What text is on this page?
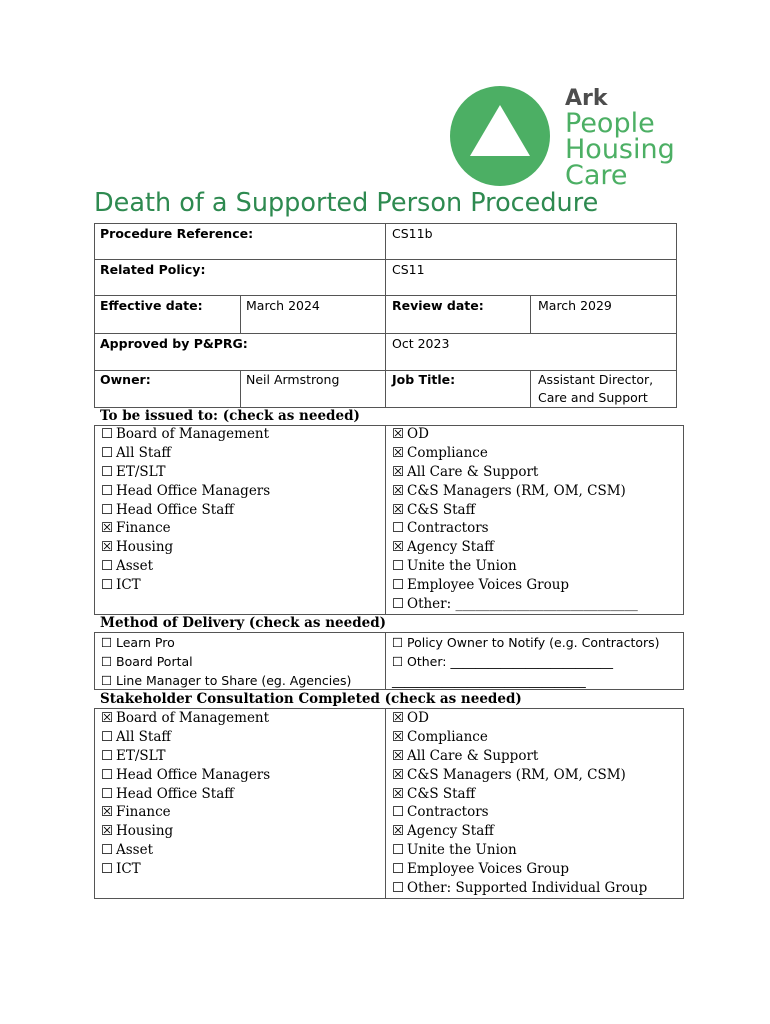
Ark
People
Housing
Care
Death of a Supported Person Procedure
Procedure Reference:	CS11b
Related Policy:	CS11
Effective date:	March 2024	Review date:	March 2029
Approved by P&PRG:	Oct 2023
Owner:	Neil Armstrong	Job Title:	Assistant Director,
Care and Support
To be issued to: (check as needed)
☐ Board of Management
☐ All Staff
☐ ET/SLT
☐ Head Office Managers
☐ Head Office Staff
☒ Finance
☒ Housing
☐ Asset
☐ ICT
☒ OD
☒ Compliance
☒ All Care & Support
☒ C&S Managers (RM, OM, CSM)
☒ C&S Staff
☐ Contractors
☒ Agency Staff
☐ Unite the Union
☐ Employee Voices Group
☐ Other: ___________________________
Method of Delivery (check as needed)
☐ Learn Pro
☐ Board Portal
☐ Line Manager to Share (eg. Agencies)
☐ Policy Owner to Notify (e.g. Contractors)
☐ Other: __________________________
_______________________________
Stakeholder Consultation Completed (check as needed)
☒ Board of Management
☐ All Staff
☐ ET/SLT
☐ Head Office Managers
☐ Head Office Staff
☒ Finance
☒ Housing
☐ Asset
☐ ICT
☒ OD
☒ Compliance
☒ All Care & Support
☒ C&S Managers (RM, OM, CSM)
☒ C&S Staff
☐ Contractors
☒ Agency Staff
☐ Unite the Union
☐ Employee Voices Group
☐ Other: Supported Individual Group
